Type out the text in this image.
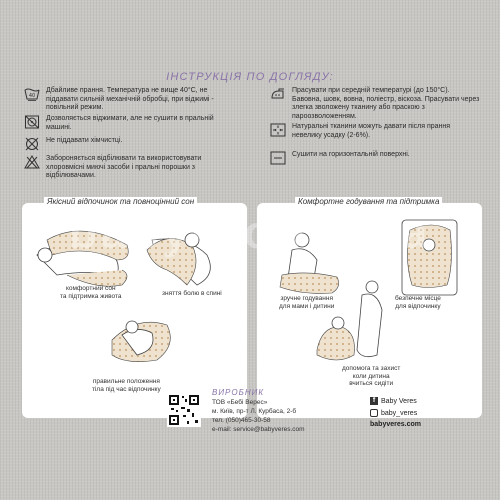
ІНСТРУКЦІЯ ПО ДОГЛЯДУ:
40
Дбайливе прання. Температура не вище 40°С, не піддавати сильній механічній обробці, при віджимі - повільний режим.
Дозволяється віджимати, але не сушити в пральній машині.
Не піддавати хімчистці.
Забороняється відбілювати та використовувати хлоровмісні миючі засоби і пральні порошки з відбілювачами.
Прасувати при середній температурі (до 150°С). Бавовна, шовк, вовна, поліестр, віскоза. Прасувати через злегка зволожену тканину або праскою з пароозволоженням.
Натуральні тканини можуть давати після прання невелику усадку (2-6%).
Сушити на горизонтальній поверхні.
Якісний відпочинок та повноцінний сон
комфортний сон
та підтримка живота	зняття болю в спині
правильне положення
тіла під час відпочинку
Комфортне годування та підтримка
зручне годування
для мами і дитини
безпечне місце
для відпочинку
допомога та захист
коли дитина
вчиться сидіти
ВИРОБНИК
ТОВ «Бебі Верес»
м. Київ, пр-т Л. Курбаса, 2-б
тел. (050)465-30-58
e-mail: service@babyveres.com
f Baby Veres
baby_veres
babyveres.com
baby-boom.ua
